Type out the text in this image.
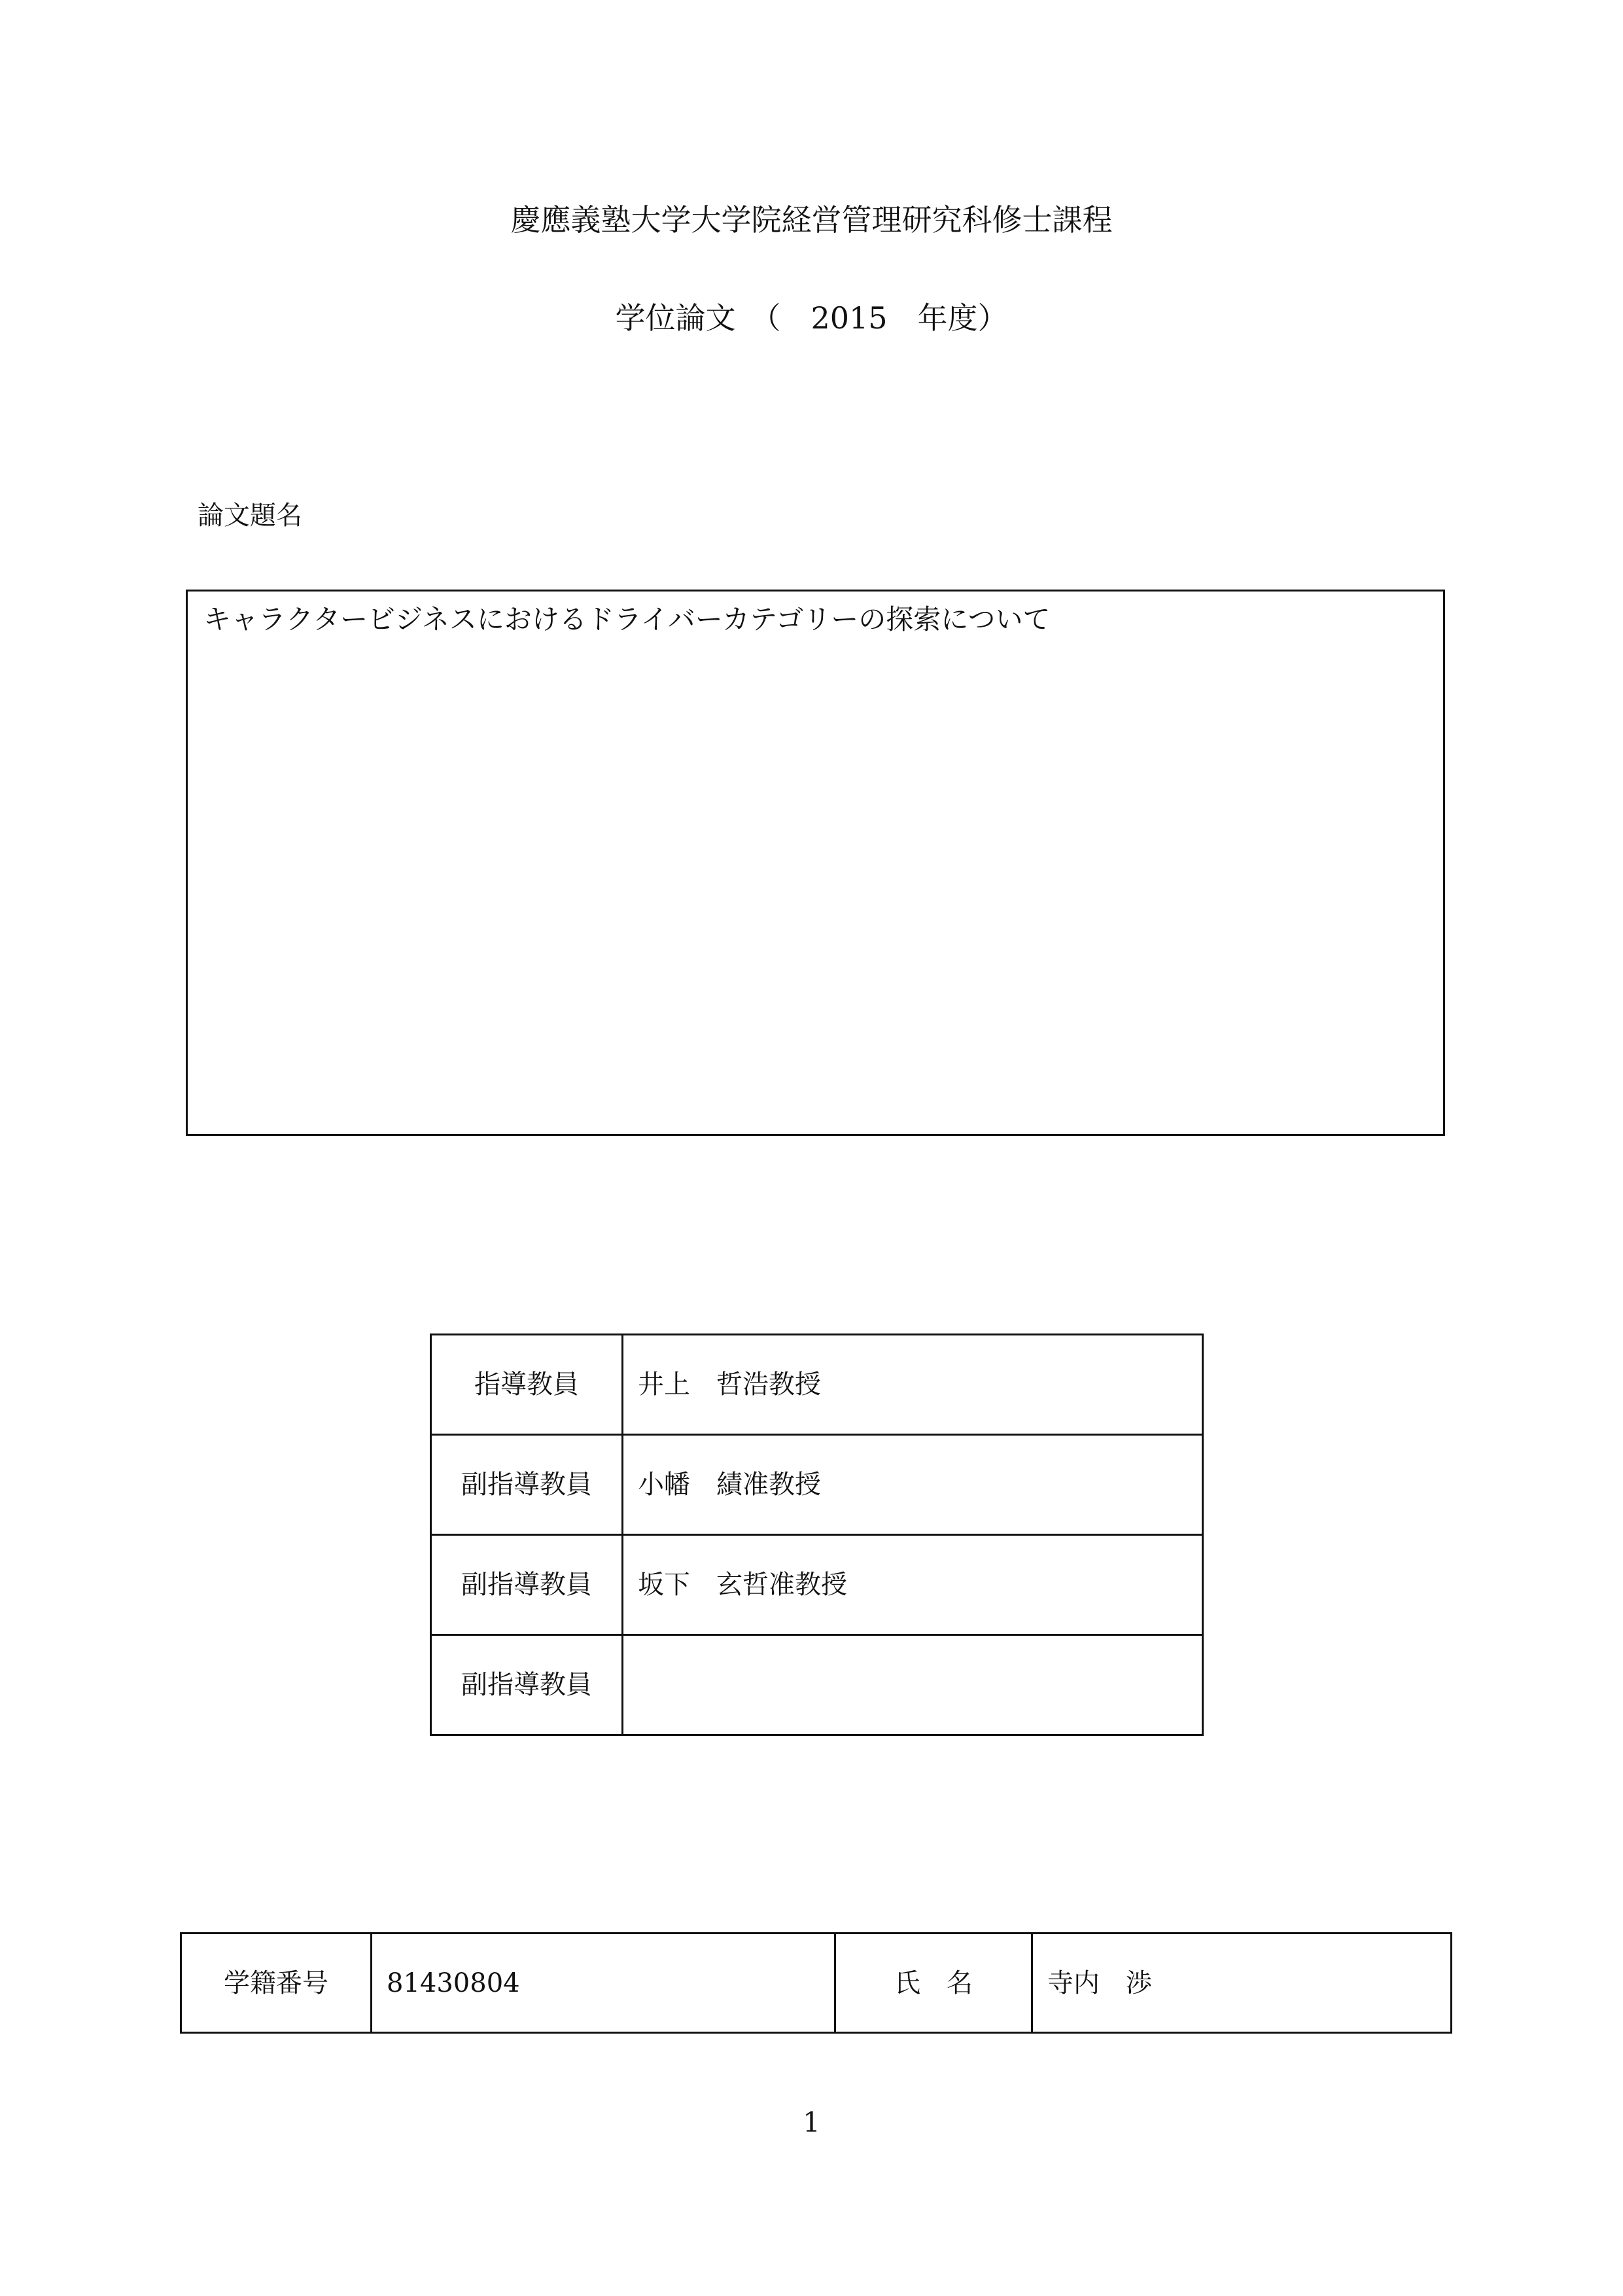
慶應義塾大学大学院経営管理研究科修士課程
学位論文　（　2015　年度）
論文題名
キャラクタービジネスにおけるドライバーカテゴリーの探索について
指導教員	井上　哲浩教授
副指導教員	小幡　績准教授
副指導教員	坂下　玄哲准教授
副指導教員	
学籍番号	81430804	氏　名	寺内　渉
1
